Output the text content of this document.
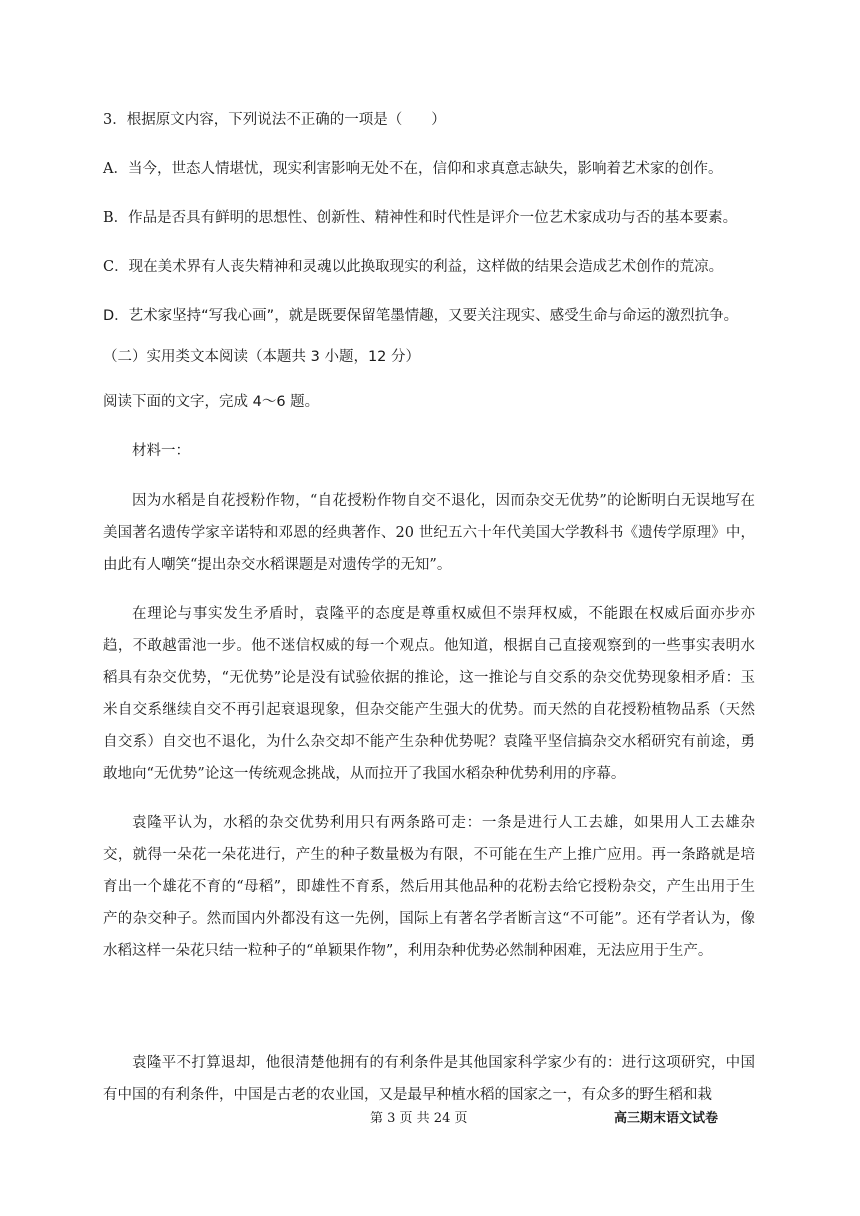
3．根据原文内容，下列说法不正确的一项是（　　）
A．当今，世态人情堪忧，现实利害影响无处不在，信仰和求真意志缺失，影响着艺术家的创作。
B．作品是否具有鲜明的思想性、创新性、精神性和时代性是评介一位艺术家成功与否的基本要素。
C．现在美术界有人丧失精神和灵魂以此换取现实的利益，这样做的结果会造成艺术创作的荒凉。
D．艺术家坚持“写我心画”，就是既要保留笔墨情趣，又要关注现实、感受生命与命运的激烈抗争。
（二）实用类文本阅读（本题共 3 小题，12 分）
阅读下面的文字，完成 4～6 题。
材料一：
因为水稻是自花授粉作物，“自花授粉作物自交不退化，因而杂交无优势”的论断明白无误地写在美国著名遗传学家辛诺特和邓恩的经典著作、20 世纪五六十年代美国大学教科书《遗传学原理》中，由此有人嘲笑“提出杂交水稻课题是对遗传学的无知”。
在理论与事实发生矛盾时，袁隆平的态度是尊重权威但不崇拜权威，不能跟在权威后面亦步亦趋，不敢越雷池一步。他不迷信权威的每一个观点。他知道，根据自己直接观察到的一些事实表明水稻具有杂交优势，“无优势”论是没有试验依据的推论，这一推论与自交系的杂交优势现象相矛盾：玉米自交系继续自交不再引起衰退现象，但杂交能产生强大的优势。而天然的自花授粉植物品系（天然自交系）自交也不退化，为什么杂交却不能产生杂种优势呢？袁隆平坚信搞杂交水稻研究有前途，勇敢地向“无优势”论这一传统观念挑战，从而拉开了我国水稻杂种优势利用的序幕。
袁隆平认为，水稻的杂交优势利用只有两条路可走：一条是进行人工去雄，如果用人工去雄杂交，就得一朵花一朵花进行，产生的种子数量极为有限，不可能在生产上推广应用。再一条路就是培育出一个雄花不育的“母稻”，即雄性不育系，然后用其他品种的花粉去给它授粉杂交，产生出用于生产的杂交种子。然而国内外都没有这一先例，国际上有著名学者断言这“不可能”。还有学者认为，像水稻这样一朵花只结一粒种子的“单颖果作物”，利用杂种优势必然制种困难，无法应用于生产。
袁隆平不打算退却，他很清楚他拥有的有利条件是其他国家科学家少有的：进行这项研究，中国有中国的有利条件，中国是古老的农业国，又是最早种植水稻的国家之一，有众多的野生稻和栽
第 3 页 共 24 页	高三期末语文试卷
